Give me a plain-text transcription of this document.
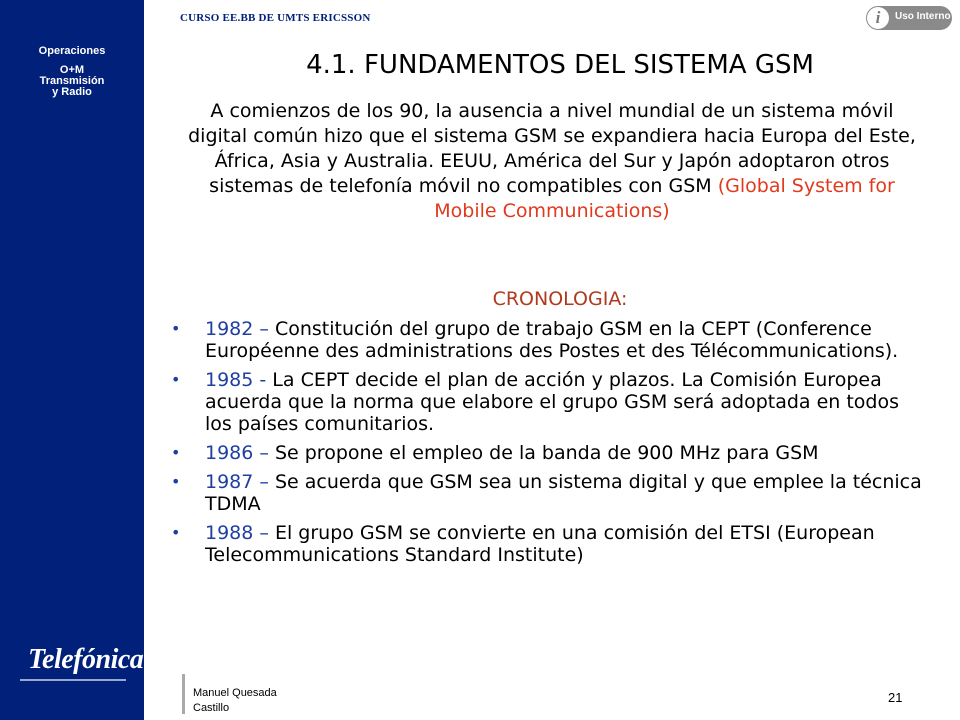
Operaciones
O+M
Transmisión
y Radio
Telefónica
CURSO EE.BB DE UMTS ERICSSON	i	Uso Interno
4.1. FUNDAMENTOS DEL SISTEMA GSM
A comienzos de los 90, la ausencia a nivel mundial de un sistema móvil digital común hizo que el sistema GSM se expandiera hacia Europa del Este, África, Asia y Australia. EEUU, América del Sur y Japón adoptaron otros sistemas de telefonía móvil no compatibles con GSM (Global System for Mobile Communications)
CRONOLOGIA:
• 1982 – Constitución del grupo de trabajo GSM en la CEPT (Conference Européenne des administrations des Postes et des Télécommunications).
• 1985 - La CEPT decide el plan de acción y plazos. La Comisión Europea acuerda que la norma que elabore el grupo GSM será adoptada en todos los países comunitarios.
• 1986 – Se propone el empleo de la banda de 900 MHz para GSM
• 1987 – Se acuerda que GSM sea un sistema digital y que emplee la técnica TDMA
• 1988 – El grupo GSM se convierte en una comisión del ETSI (European Telecommunications Standard Institute)
Manuel Quesada
Castillo
21
